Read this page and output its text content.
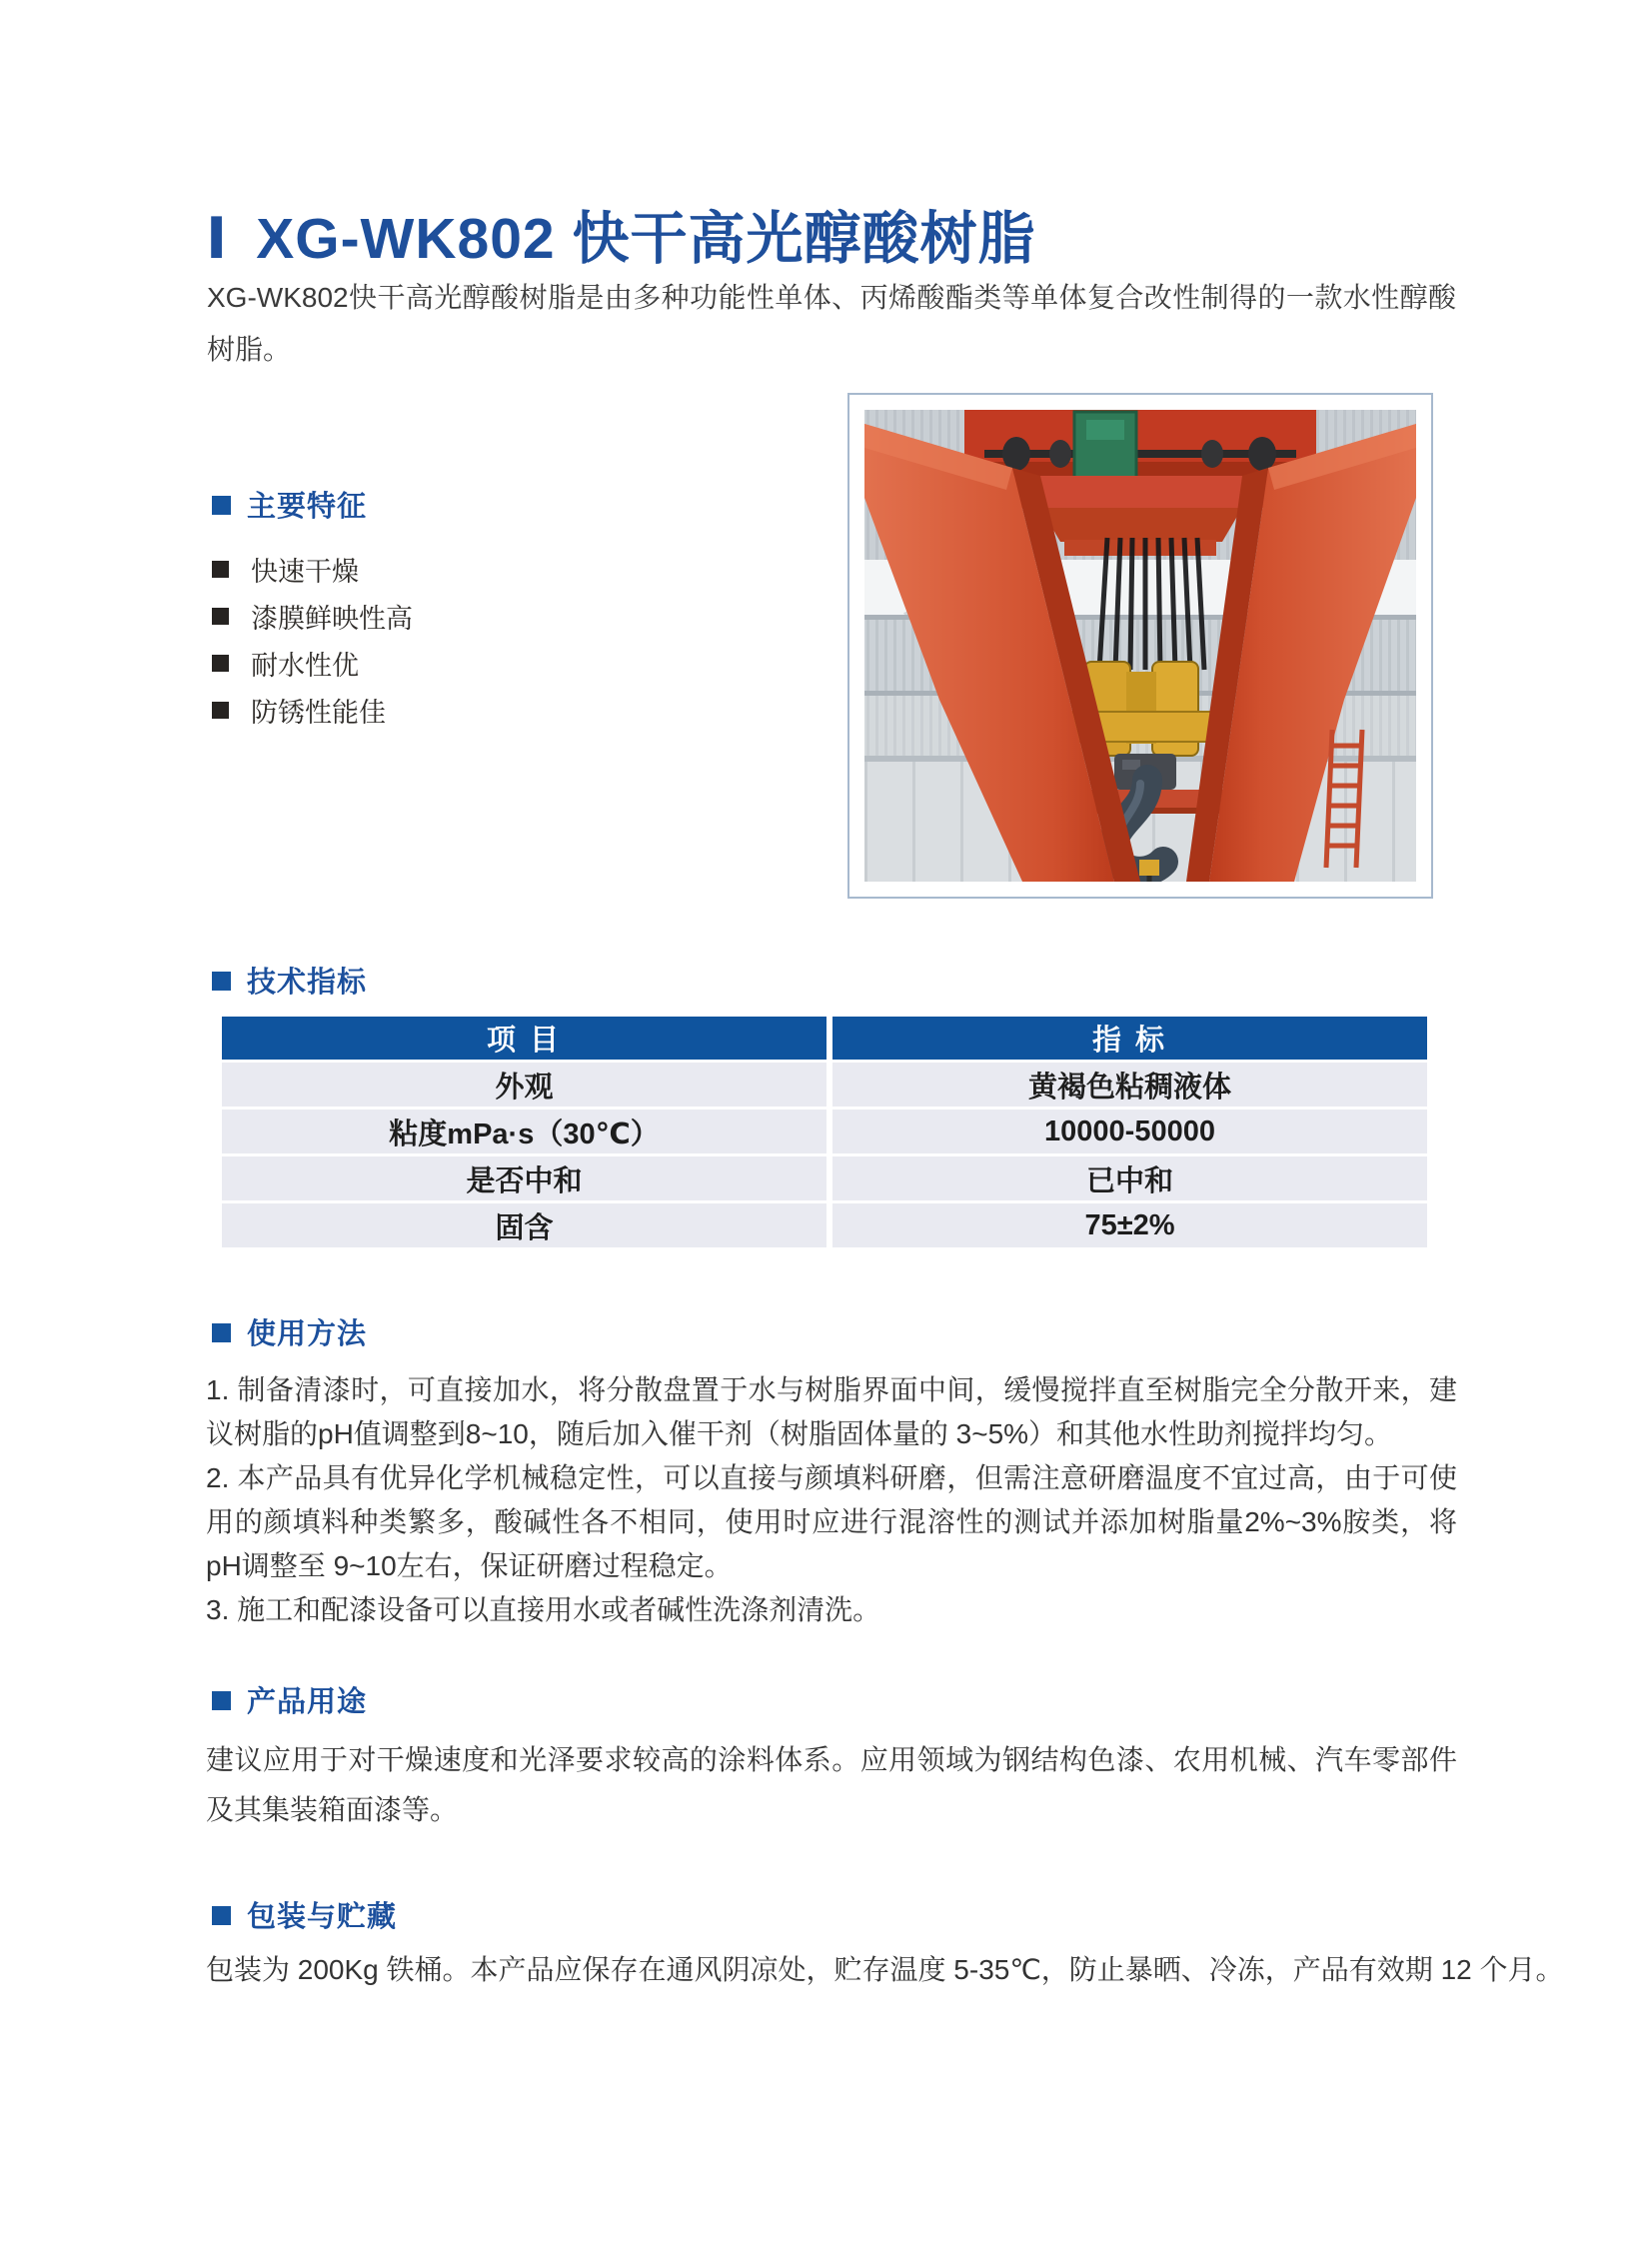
Ⅰ XG-WK802 快干高光醇酸树脂
XG-WK802快干高光醇酸树脂是由多种功能性单体、丙烯酸酯类等单体复合改性制得的一款水性醇酸树脂。
主要特征
快速干燥
漆膜鲜映性高
耐水性优
防锈性能佳
技术指标
项 目	指 标
外观	黄褐色粘稠液体
粘度mPa·s（30℃）	10000-50000
是否中和	已中和
固含	75±2%
使用方法

1. 制备清漆时，可直接加水，将分散盘置于水与树脂界面中间，缓慢搅拌直至树脂完全分散开来，建议树脂的pH值调整到8~10，随后加入催干剂（树脂固体量的 3~5%）和其他水性助剂搅拌均匀。

2. 本产品具有优异化学机械稳定性，可以直接与颜填料研磨，但需注意研磨温度不宜过高，由于可使用的颜填料种类繁多，酸碱性各不相同，使用时应进行混溶性的测试并添加树脂量2%~3%胺类，将pH调整至 9~10左右，保证研磨过程稳定。

3. 施工和配漆设备可以直接用水或者碱性洗涤剂清洗。

产品用途
建议应用于对干燥速度和光泽要求较高的涂料体系。应用领域为钢结构色漆、农用机械、汽车零部件及其集装箱面漆等。
包装与贮藏
包装为 200Kg 铁桶。本产品应保存在通风阴凉处，贮存温度 5-35℃，防止暴晒、冷冻，产品有效期 12 个月。
